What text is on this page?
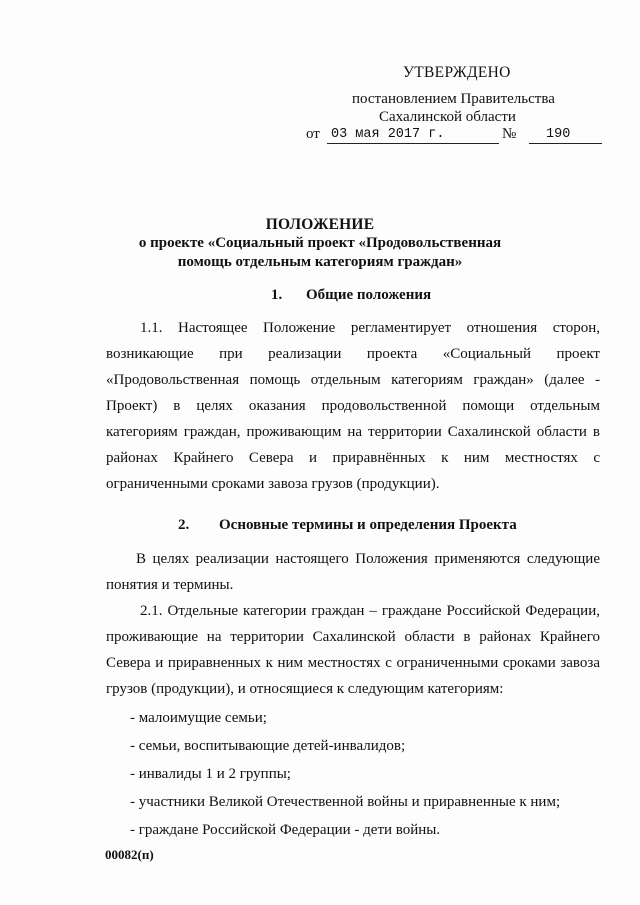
УТВЕРЖДЕНО
постановлением Правительства
Сахалинской области
от 03 мая 2017 г.	№ 190
ПОЛОЖЕНИЕ
о проекте «Социальный проект «Продовольственная
помощь отдельным категориям граждан»
1. Общие положения

1.1. Настоящее Положение регламентирует отношения сторон, возникающие при реализации проекта «Социальный проект «Продовольственная помощь отдельным категориям граждан» (далее - Проект) в целях оказания продовольственной помощи отдельным категориям граждан, проживающим на территории Сахалинской области в районах Крайнего Севера и приравнённых к ним местностях с ограниченными сроками завоза грузов (продукции).

2. Основные термины и определения Проекта

В целях реализации настоящего Положения применяются следующие понятия и термины.

2.1. Отдельные категории граждан – граждане Российской Федерации, проживающие на территории Сахалинской области в районах Крайнего Севера и приравненных к ним местностях с ограниченными сроками завоза грузов (продукции), и относящиеся к следующим категориям:

- малоимущие семьи;
- семьи, воспитывающие детей-инвалидов;
- инвалиды 1 и 2 группы;
- участники Великой Отечественной войны и приравненные к ним;
- граждане Российской Федерации - дети войны.
00082(п)
